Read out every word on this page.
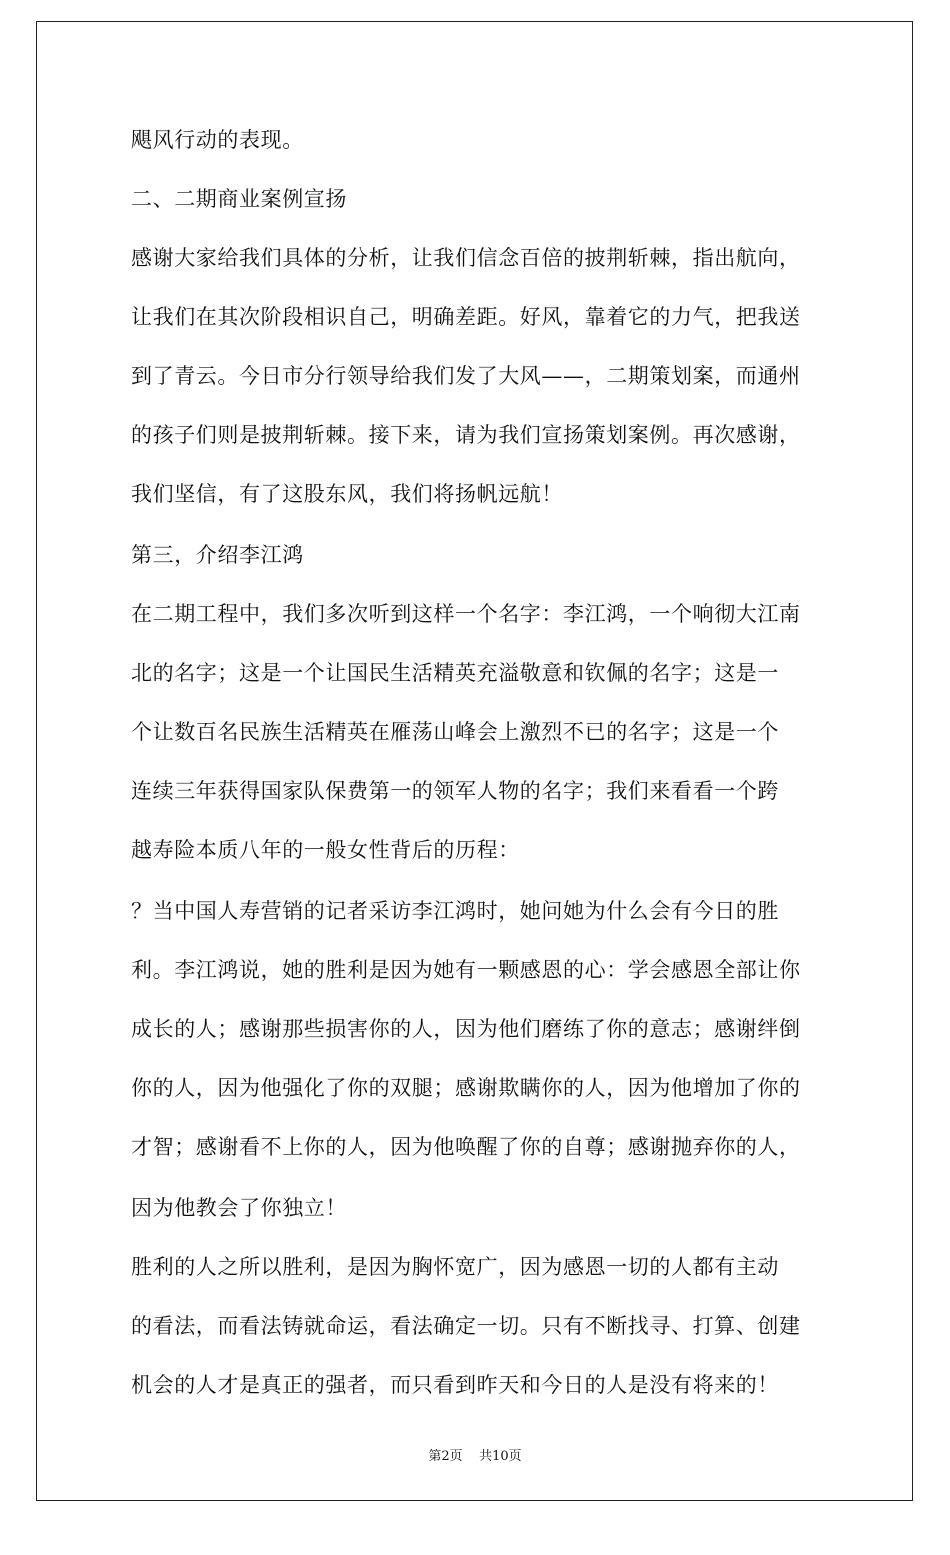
飓风行动的表现。
二、二期商业案例宣扬
感谢大家给我们具体的分析，让我们信念百倍的披荆斩棘，指出航向，
让我们在其次阶段相识自己，明确差距。好风，靠着它的力气，把我送
到了青云。今日市分行领导给我们发了大风——，二期策划案，而通州
的孩子们则是披荆斩棘。接下来，请为我们宣扬策划案例。再次感谢，
我们坚信，有了这股东风，我们将扬帆远航！
第三，介绍李江鸿
在二期工程中，我们多次听到这样一个名字：李江鸿，一个响彻大江南
北的名字；这是一个让国民生活精英充溢敬意和钦佩的名字；这是一
个让数百名民族生活精英在雁荡山峰会上激烈不已的名字；这是一个
连续三年获得国家队保费第一的领军人物的名字；我们来看看一个跨
越寿险本质八年的一般女性背后的历程：
？当中国人寿营销的记者采访李江鸿时，她问她为什么会有今日的胜
利。李江鸿说，她的胜利是因为她有一颗感恩的心：学会感恩全部让你
成长的人；感谢那些损害你的人，因为他们磨练了你的意志；感谢绊倒
你的人，因为他强化了你的双腿；感谢欺瞒你的人，因为他增加了你的
才智；感谢看不上你的人，因为他唤醒了你的自尊；感谢抛弃你的人，
因为他教会了你独立！
胜利的人之所以胜利，是因为胸怀宽广，因为感恩一切的人都有主动
的看法，而看法铸就命运，看法确定一切。只有不断找寻、打算、创建
机会的人才是真正的强者，而只看到昨天和今日的人是没有将来的！
第2页    共10页
